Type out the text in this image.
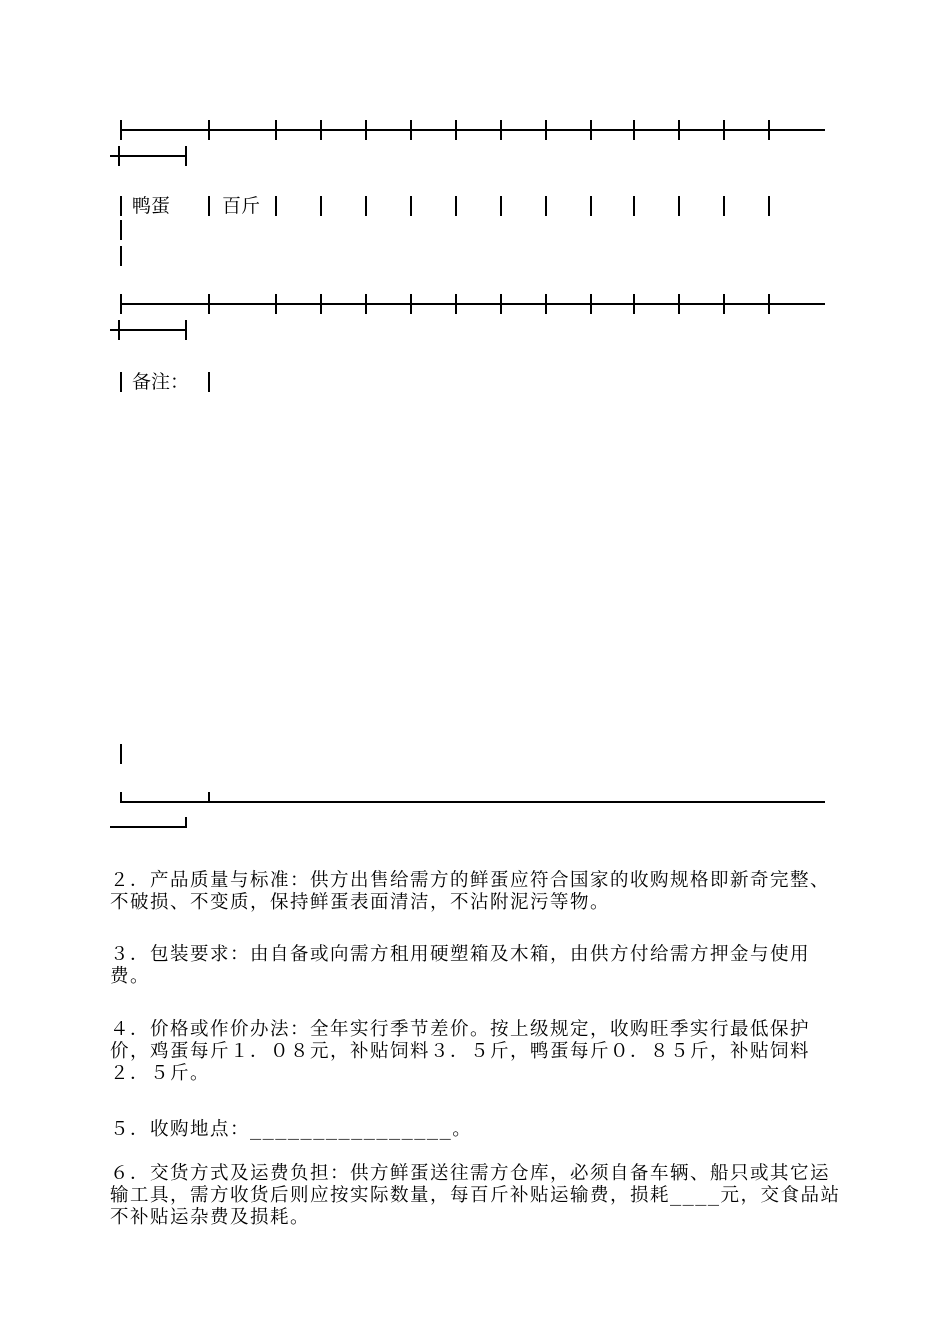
鸭蛋	百斤
备注：

２．产品质量与标准：供方出售给需方的鲜蛋应符合国家的收购规格即新奇完整、不破损、不变质，保持鲜蛋表面清洁，不沾附泥污等物。

３．包装要求：由自备或向需方租用硬塑箱及木箱，由供方付给需方押金与使用费。

４．价格或作价办法：全年实行季节差价。按上级规定，收购旺季实行最低保护价，鸡蛋每斤１．０８元，补贴饲料３．５斤，鸭蛋每斤０．８５斤，补贴饲料２．５斤。

５．收购地点：________________。

６．交货方式及运费负担：供方鲜蛋送往需方仓库，必须自备车辆、船只或其它运输工具，需方收货后则应按实际数量，每百斤补贴运输费，损耗____元，交食品站不补贴运杂费及损耗。
